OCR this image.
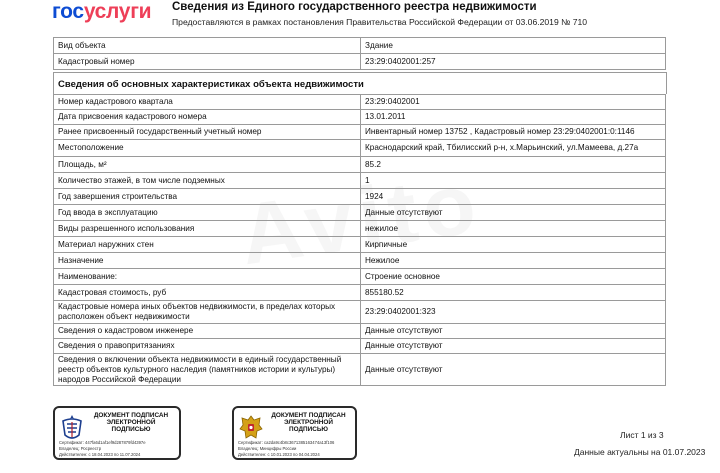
госуслуги Сведения из Единого государственного реестра недвижимости
Предоставляются в рамках постановления Правительства Российской Федерации от 03.06.2019 № 710
Вид объекта	Здание
Кадастровый номер	23:29:0402001:257
Сведения об основных характеристиках объекта недвижимости
Номер кадастрового квартала	23:29:0402001
Дата присвоения кадастрового номера	13.01.2011
Ранее присвоенный государственный учетный номер	Инвентарный номер 13752 , Кадастровый номер 23:29:0402001:0:1146
Местоположение	Краснодарский край, Тбилисский р-н, х.Марьинский, ул.Мамеева, д.27а
Площадь, м²	85.2
Количество этажей, в том числе подземных	1
Год завершения строительства	1924
Год ввода в эксплуатацию	Данные отсутствуют
Виды разрешенного использования	нежилое
Материал наружних стен	Кирпичные
Назначение	Нежилое
Наименование:	Строение основное
Кадастровая стоимость, руб	855180.52
Кадастровые номера иных объектов недвижимости, в пределах которых расположен объект недвижимости	23:29:0402001:323
Сведения о кадастровом инженере	Данные отсутствуют
Сведения о правопритязаниях	Данные отсутствуют
Сведения о включении объекта недвижимости в единый государственный реестр объектов культурного наследия (памятников истории и культуры) народов Российской Федерации	Данные отсутствуют
ДОКУМЕНТ ПОДПИСАН ЭЛЕКТРОННОЙ ПОДПИСЬЮ
Сертификат: 447fa6d1af1ef9d287879fd4397e
Владелец: Росреестр
Действителен: с 18.04.2023 по 11.07.2024
ДОКУМЕНТ ПОДПИСАН ЭЛЕКТРОННОЙ ПОДПИСЬЮ
Сертификат: ca2da9c4b8c3671385163474a13f106
Владелец: Минцифры России
Действителен: с 10.01.2023 по 04.04.2024
Лист 1 из 3
Данные актуальны на 01.07.2023
